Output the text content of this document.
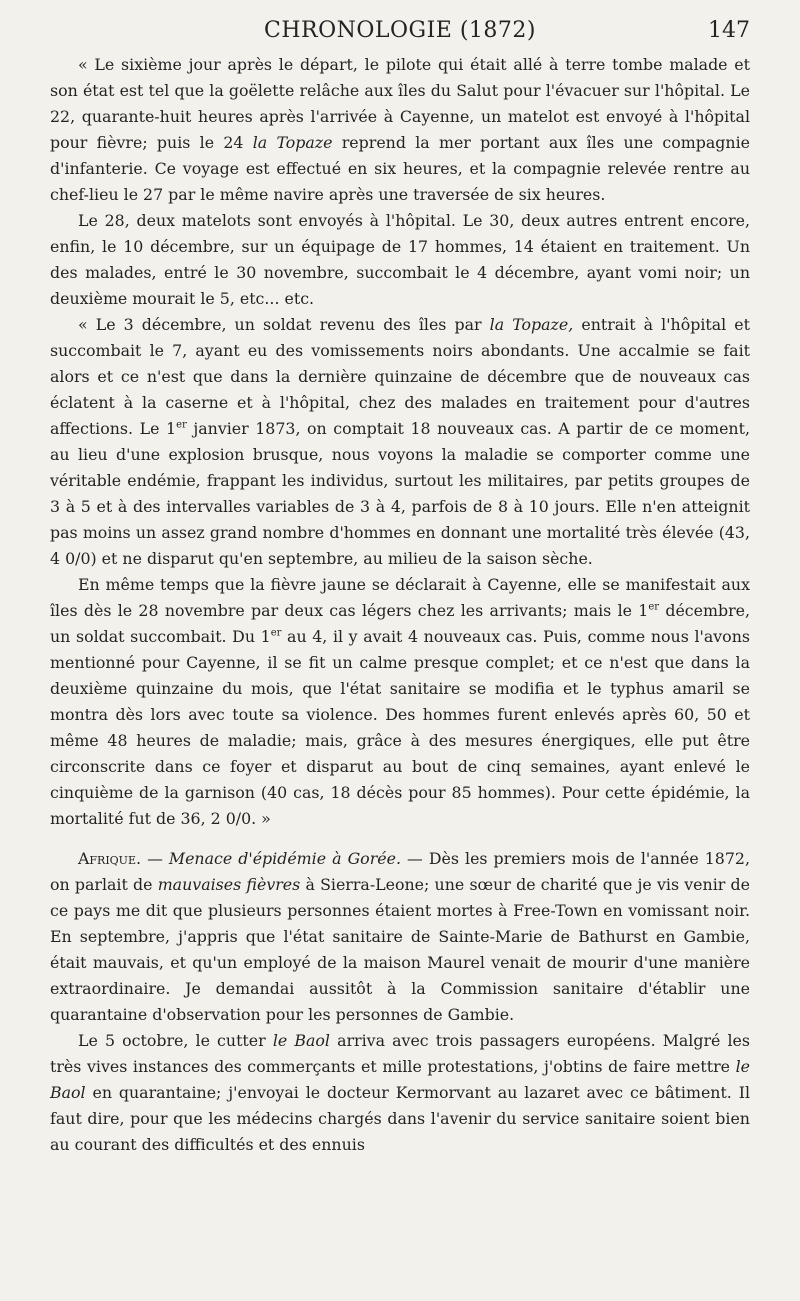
CHRONOLOGIE (1872)	147

« Le sixième jour après le départ, le pilote qui était allé à terre tombe malade et son état est tel que la goëlette relâche aux îles du Salut pour l'évacuer sur l'hôpital. Le 22, quarante-huit heures après l'arrivée à Cayenne, un matelot est envoyé à l'hôpital pour fièvre; puis le 24 la Topaze reprend la mer portant aux îles une compagnie d'infanterie. Ce voyage est effectué en six heures, et la compagnie relevée rentre au chef-lieu le 27 par le même navire après une traversée de six heures.

Le 28, deux matelots sont envoyés à l'hôpital. Le 30, deux autres entrent encore, enfin, le 10 décembre, sur un équipage de 17 hommes, 14 étaient en traitement. Un des malades, entré le 30 novembre, succombait le 4 décembre, ayant vomi noir; un deuxième mourait le 5, etc... etc.

« Le 3 décembre, un soldat revenu des îles par la Topaze, entrait à l'hôpital et succombait le 7, ayant eu des vomissements noirs abondants. Une accalmie se fait alors et ce n'est que dans la dernière quinzaine de décembre que de nouveaux cas éclatent à la caserne et à l'hôpital, chez des malades en traitement pour d'autres affections. Le 1er janvier 1873, on comptait 18 nouveaux cas. A partir de ce moment, au lieu d'une explosion brusque, nous voyons la maladie se comporter comme une véritable endémie, frappant les individus, surtout les militaires, par petits groupes de 3 à 5 et à des intervalles variables de 3 à 4, parfois de 8 à 10 jours. Elle n'en atteignit pas moins un assez grand nombre d'hommes en donnant une mortalité très élevée (43, 4 0/0) et ne disparut qu'en septembre, au milieu de la saison sèche.

En même temps que la fièvre jaune se déclarait à Cayenne, elle se manifestait aux îles dès le 28 novembre par deux cas légers chez les arrivants; mais le 1er décembre, un soldat succombait. Du 1er au 4, il y avait 4 nouveaux cas. Puis, comme nous l'avons mentionné pour Cayenne, il se fit un calme presque complet; et ce n'est que dans la deuxième quinzaine du mois, que l'état sanitaire se modifia et le typhus amaril se montra dès lors avec toute sa violence. Des hommes furent enlevés après 60, 50 et même 48 heures de maladie; mais, grâce à des mesures énergiques, elle put être circonscrite dans ce foyer et disparut au bout de cinq semaines, ayant enlevé le cinquième de la garnison (40 cas, 18 décès pour 85 hommes). Pour cette épidémie, la mortalité fut de 36, 2 0/0. »

Afrique. — Menace d'épidémie à Gorée. — Dès les premiers mois de l'année 1872, on parlait de mauvaises fièvres à Sierra-Leone; une sœur de charité que je vis venir de ce pays me dit que plusieurs personnes étaient mortes à Free-Town en vomissant noir. En septembre, j'appris que l'état sanitaire de Sainte-Marie de Bathurst en Gambie, était mauvais, et qu'un employé de la maison Maurel venait de mourir d'une manière extraordinaire. Je demandai aussitôt à la Commission sanitaire d'établir une quarantaine d'observation pour les personnes de Gambie.

Le 5 octobre, le cutter le Baol arriva avec trois passagers européens. Malgré les très vives instances des commerçants et mille protestations, j'obtins de faire mettre le Baol en quarantaine; j'envoyai le docteur Kermorvant au lazaret avec ce bâtiment. Il faut dire, pour que les médecins chargés dans l'avenir du service sanitaire soient bien au courant des difficultés et des ennuis
